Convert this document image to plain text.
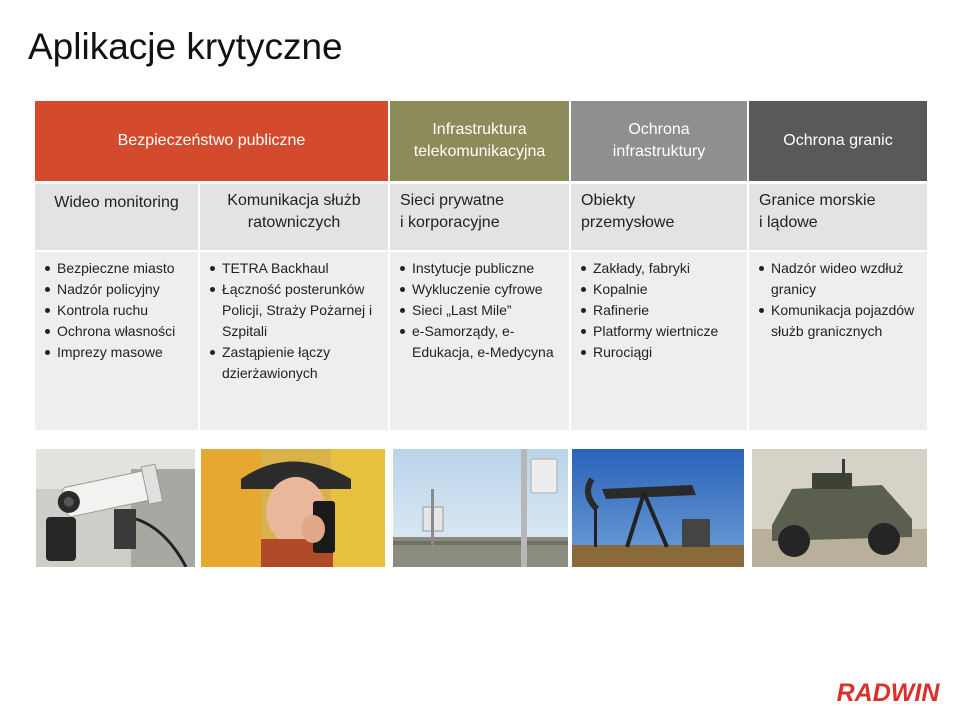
Aplikacje krytyczne
Bezpieczeństwo publiczne
Infrastruktura
telekomunikacyjna
Ochrona
infrastruktury
Ochrona granic
Wideo monitoring	Komunikacja służb
ratowniczych
Sieci prywatne
i korporacyjne
Obiekty
przemysłowe
Granice morskie
i lądowe
Bezpieczne miasto
Nadzór policyjny
Kontrola ruchu
Ochrona własności
Imprezy masowe
TETRA Backhaul
Łączność posterunków Policji, Straży Pożarnej i Szpitali
Zastąpienie łączy dzierżawionych
Instytucje publiczne
Wykluczenie cyfrowe
Sieci „Last Mile”
e-Samorządy, e-Edukacja, e-Medycyna
Zakłady, fabryki
Kopalnie
Rafinerie
Platformy wiertnicze
Rurociągi
Nadzór wideo wzdłuż granicy
Komunikacja pojazdów służb granicznych
RADWIN
